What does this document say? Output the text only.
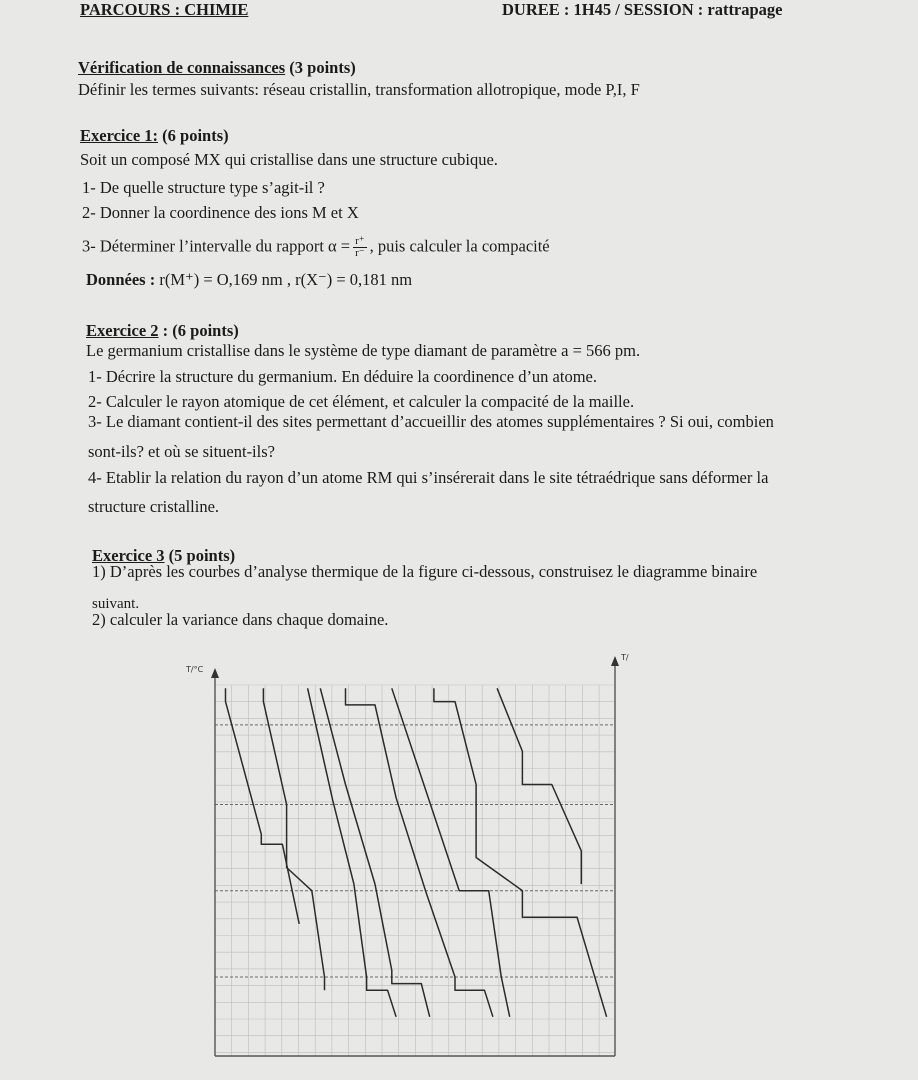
PARCOURS : CHIMIE	DUREE : 1H45 / SESSION : rattrapage
Vérification de connaissances (3 points)
Définir les termes suivants: réseau cristallin, transformation allotropique, mode P,I, F
Exercice 1: (6 points)
Soit un composé MX qui cristallise dans une structure cubique.
1- De quelle structure type s’agit-il ?
2- Donner la coordinence des ions M et X
3- Déterminer l’intervalle du rapport $\alpha = \frac{r^+}{r^-}$ , puis calculer la compacité
Données : r(M⁺) = O,169 nm , r(X⁻) = 0,181 nm
Exercice 2 : (6 points)
Le germanium cristallise dans le système de type diamant de paramètre a = 566 pm.
1- Décrire la structure du germanium. En déduire la coordinence d’un atome.
2- Calculer le rayon atomique de cet élément, et calculer la compacité de la maille.
3- Le diamant contient-il des sites permettant d’accueillir des atomes supplémentaires ? Si oui, combien
sont-ils? et où se situent-ils?
4- Etablir la relation du rayon d’un atome RM qui s’insérerait dans le site tétraédrique sans déformer la
structure cristalline.
Exercice 3 (5 points)
1) D’après les courbes d’analyse thermique de la figure ci-dessous, construisez le diagramme binaire
suivant.
2) calculer la variance dans chaque domaine.
T/°C
T/
